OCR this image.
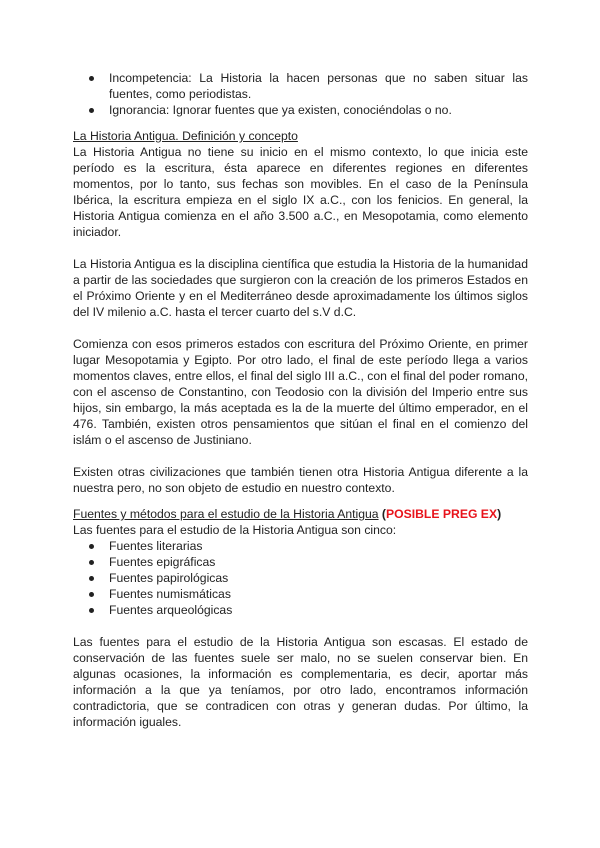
Incompetencia: La Historia la hacen personas que no saben situar las fuentes, como periodistas.
Ignorancia: Ignorar fuentes que ya existen, conociéndolas o no.
La Historia Antigua. Definición y concepto

La Historia Antigua no tiene su inicio en el mismo contexto, lo que inicia este período es la escritura, ésta aparece en diferentes regiones en diferentes momentos, por lo tanto, sus fechas son movibles. En el caso de la Península Ibérica, la escritura empieza en el siglo IX a.C., con los fenicios. En general, la Historia Antigua comienza en el año 3.500 a.C., en Mesopotamia, como elemento iniciador.

La Historia Antigua es la disciplina científica que estudia la Historia de la humanidad a partir de las sociedades que surgieron con la creación de los primeros Estados en el Próximo Oriente y en el Mediterráneo desde aproximadamente los últimos siglos del IV milenio a.C. hasta el tercer cuarto del s.V d.C.

Comienza con esos primeros estados con escritura del Próximo Oriente, en primer lugar Mesopotamia y Egipto. Por otro lado, el final de este período llega a varios momentos claves, entre ellos, el final del siglo III a.C., con el final del poder romano, con el ascenso de Constantino, con Teodosio con la división del Imperio entre sus hijos, sin embargo, la más aceptada es la de la muerte del último emperador, en el 476. También, existen otros pensamientos que sitúan el final en el comienzo del islám o el ascenso de Justiniano.

Existen otras civilizaciones que también tienen otra Historia Antigua diferente a la nuestra pero, no son objeto de estudio en nuestro contexto.

Fuentes y métodos para el estudio de la Historia Antigua (POSIBLE PREG EX)

Las fuentes para el estudio de la Historia Antigua son cinco:

Fuentes literarias
Fuentes epigráficas
Fuentes papirológicas
Fuentes numismáticas
Fuentes arqueológicas

Las fuentes para el estudio de la Historia Antigua son escasas. El estado de conservación de las fuentes suele ser malo, no se suelen conservar bien. En algunas ocasiones, la información es complementaria, es decir, aportar más información a la que ya teníamos, por otro lado, encontramos información contradictoria, que se contradicen con otras y generan dudas. Por último, la información iguales.
